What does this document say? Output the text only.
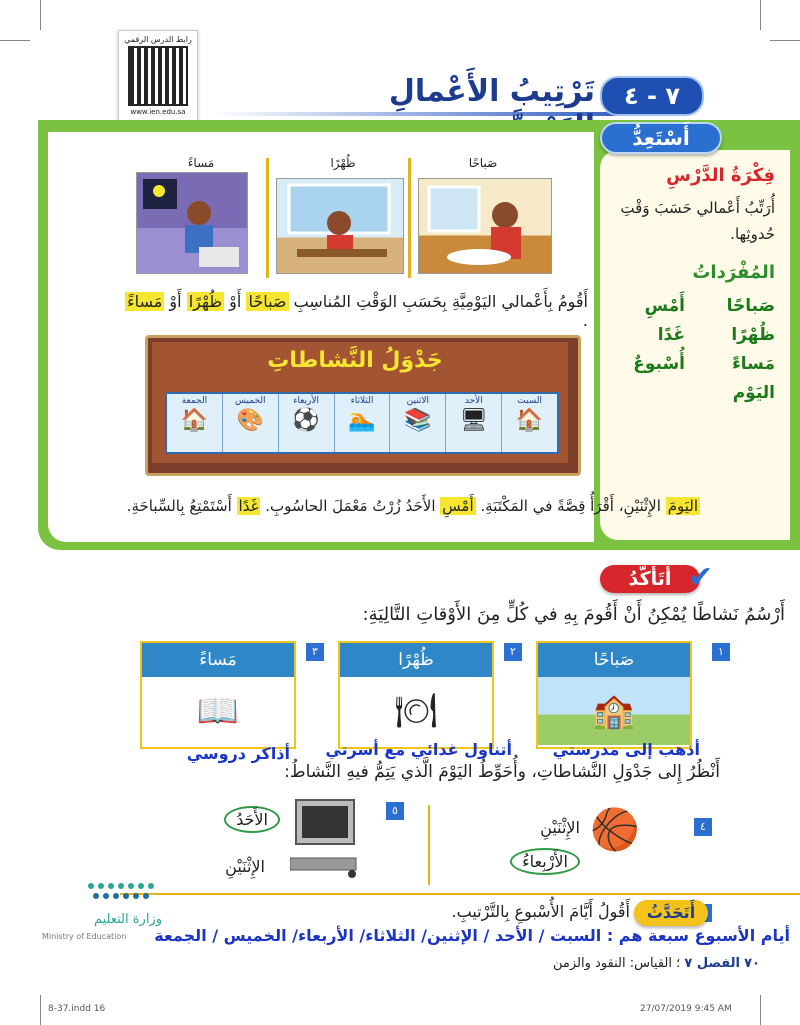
رابط الدرس الرقمي
www.ien.edu.sa
تَرْتِيبُ الأَعْمالِ	٧ - ٤
أَسْتَعِدُّ
فِكْرَةُ الدَّرْسِ
أُرَتِّبُ أَعْمالي حَسَبَ وَقْتِ حُدوثِها.
المُفْرَداتُ
صَباحًا
أَمْسِ
ظُهْرًا
غَدًا
مَساءً
أُسْبوعٌ
اليَوْم
صَباحًا
ظُهْرًا
مَساءً
أَقُومُ بِأَعْمالي اليَوْمِيَّةِ بِحَسَبِ الوَقْتِ المُناسِبِ صَباحًا أَوْ ظُهْرًا أَوْ مَساءً .
جَدْوَلُ النَّشاطاتِ
السبت
🏠
الأحد
🖥
الاثنين
📚
الثلاثاء
🏊
الأربعاء
⚽
الخميس
🎨
الجمعة
🏠
اليَومَ الإِثْنَيْنِ، أَقْرَأُ قِصَّةً في المَكْتَبَةِ. أَمْسِ الأَحَدُ زُرْتُ مَعْمَلَ الحاسُوبِ. غَدًا أَسْتَمْتِعُ بِالسِّباحَةِ.
أَتَأَكَّدُ ✔
أَرْسُمُ نَشاطًا يُمْكِنُ أَنْ أَقُومَ بِهِ في كُلٍّ مِنَ الأَوْقاتِ التَّالِيَةِ:
١
صَباحًا
🏫
٢
ظُهْرًا
🍽
٣
مَساءً
📖
أذهب إلى مدرستي
أتناول غدائي مع أسرتي
أذاكر دروسي
أَنْظُرُ إِلى جَدْوَلِ النَّشاطاتِ، وأُحَوِّطُ اليَوْمَ الَّذي يَتِمُّ فيهِ النَّشاطُ:
٤
🏀
الإِثْنَيْنِ
الأَرْبِعاءُ
٥
الأَحَدُ
الإِثْنَيْنِ
أَتَحَدَّثُ
أَقُولُ أَيَّامَ الأُسْبوعِ بِالتَّرْتيبِ.
أيام الأسبوع سبعة هم : السبت / الأحد / الإثنين/ الثلاثاء/ الأربعاء/ الخميس / الجمعة
وزارة التعليم
Ministry of Education
٧٠ الفصل ٧ ؛ القياس: النقود والزمن
8-37.indd 16	27/07/2019 9:45 AM
